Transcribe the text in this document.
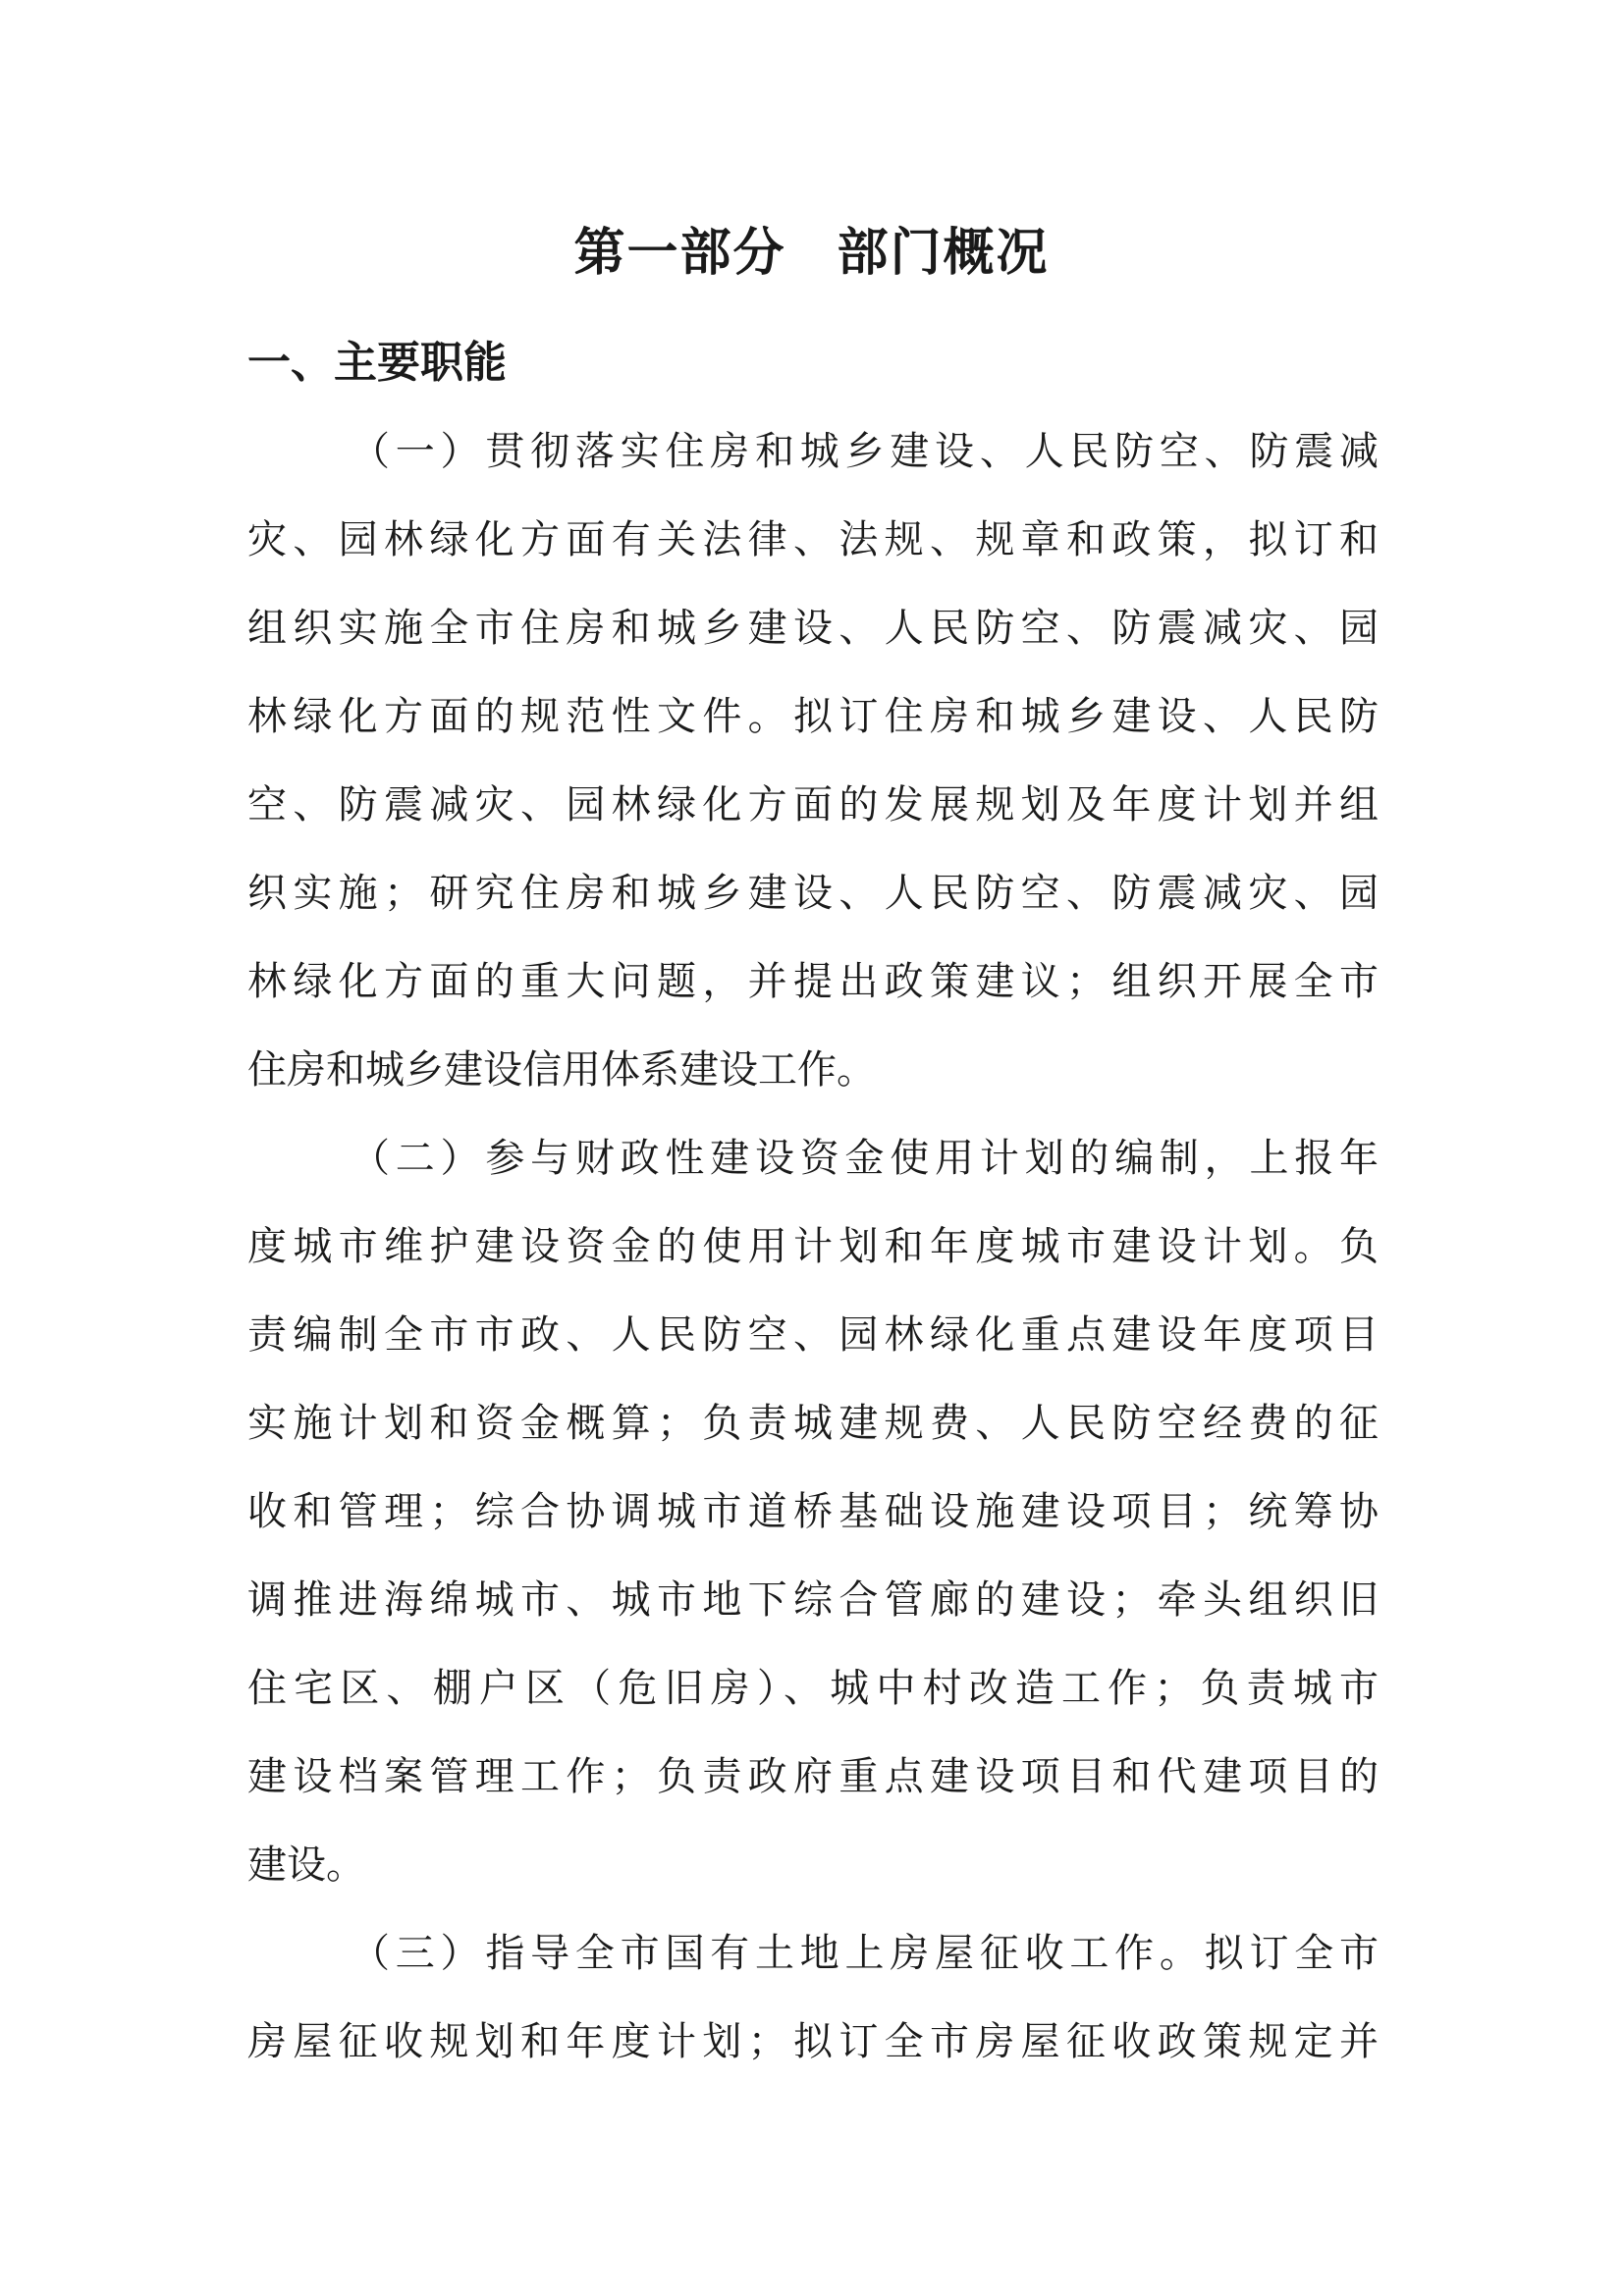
第一部分 部门概况
一、主要职能
（一）贯彻落实住房和城乡建设、人民防空、防震减
灾、园林绿化方面有关法律、法规、规章和政策，拟订和
组织实施全市住房和城乡建设、人民防空、防震减灾、园
林绿化方面的规范性文件。拟订住房和城乡建设、人民防
空、防震减灾、园林绿化方面的发展规划及年度计划并组
织实施；研究住房和城乡建设、人民防空、防震减灾、园
林绿化方面的重大问题，并提出政策建议；组织开展全市
住房和城乡建设信用体系建设工作。
（二）参与财政性建设资金使用计划的编制，上报年
度城市维护建设资金的使用计划和年度城市建设计划。负
责编制全市市政、人民防空、园林绿化重点建设年度项目
实施计划和资金概算；负责城建规费、人民防空经费的征
收和管理；综合协调城市道桥基础设施建设项目；统筹协
调推进海绵城市、城市地下综合管廊的建设；牵头组织旧
住宅区、棚户区（危旧房）、城中村改造工作；负责城市
建设档案管理工作；负责政府重点建设项目和代建项目的
建设。
（三）指导全市国有土地上房屋征收工作。拟订全市
房屋征收规划和年度计划；拟订全市房屋征收政策规定并
